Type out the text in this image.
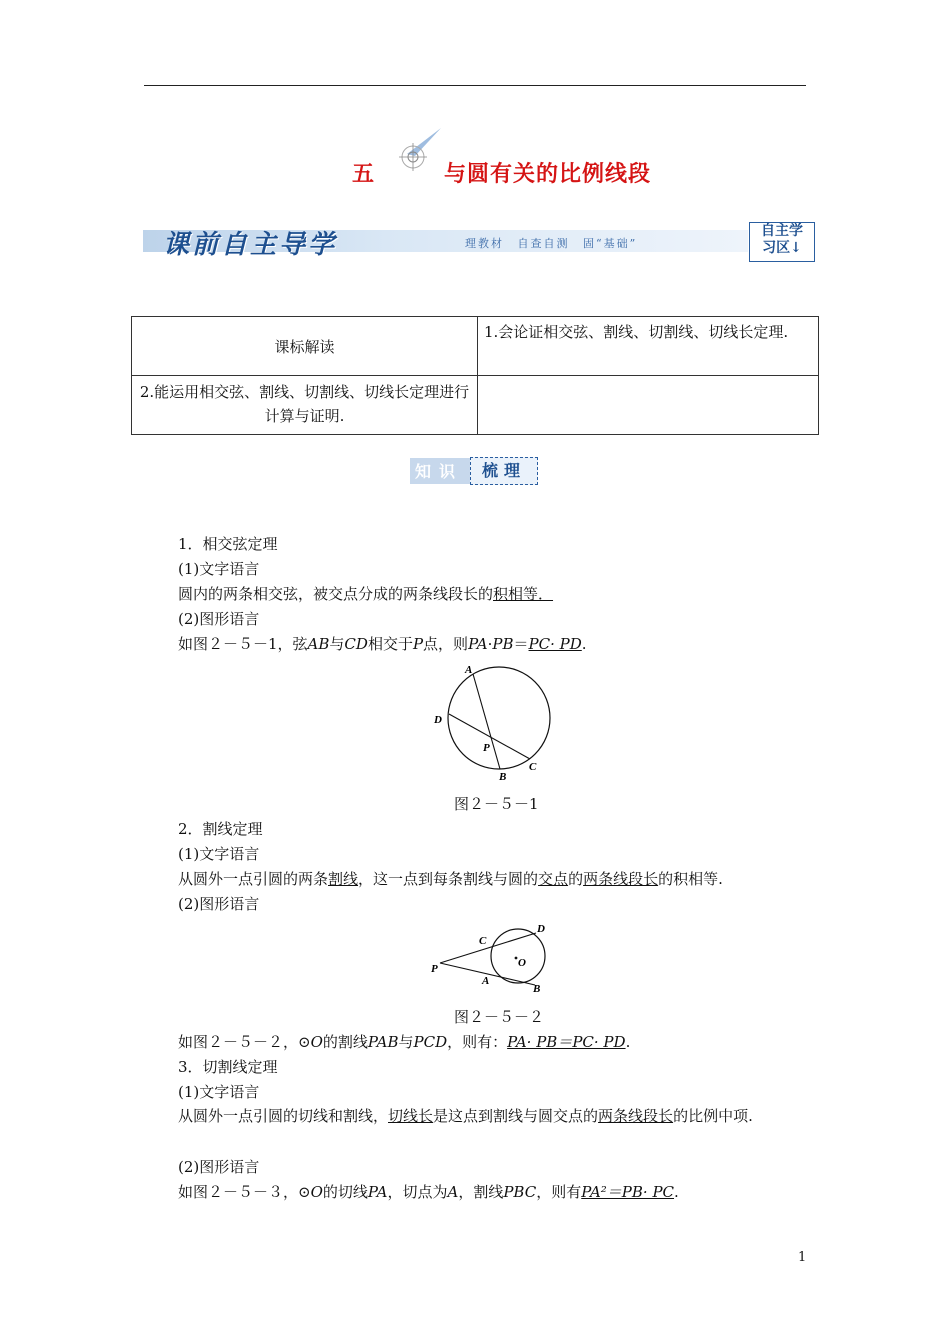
五	与圆有关的比例线段
课前自主导学	理教材 自查自测 固“基础”
自主学
习区↓
课标解读	1.会论证相交弦、割线、切割线、切线长定理.
2.能运用相交弦、割线、切割线、切线长定理进行计算与证明.	
知识	梳理
1．相交弦定理
(1)文字语言
圆内的两条相交弦，被交点分成的两条线段长的积相等．
(2)图形语言
如图２－５－1，弦AB与CD相交于P点，则PA·PB＝PC· PD.
A
B
C
D
P
图２－５－1
2．割线定理
(1)文字语言
从圆外一点引圆的两条割线，这一点到每条割线与圆的交点的两条线段长的积相等.
(2)图形语言
P
A
B
C
D
O
图２－５－２
如图２－５－２，⊙O的割线PAB与PCD，则有：PA· PB＝PC· PD.
3．切割线定理
(1)文字语言
从圆外一点引圆的切线和割线，切线长是这点到割线与圆交点的两条线段长的比例中项.
(2)图形语言
如图２－５－３，⊙O的切线PA，切点为A，割线PBC，则有PA²＝PB· PC.
1
